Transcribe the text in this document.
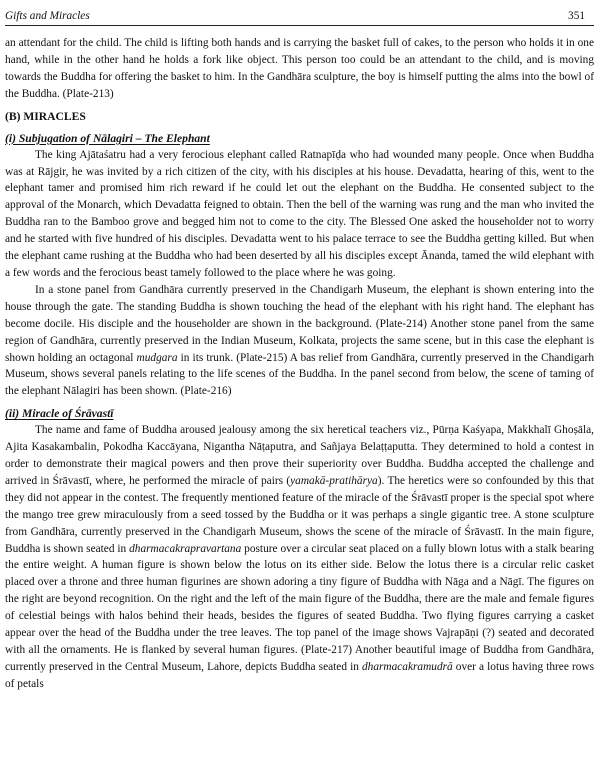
Gifts and Miracles	351

an attendant for the child. The child is lifting both hands and is carrying the basket full of cakes, to the person who holds it in one hand, while in the other hand he holds a fork like object. This person too could be an attendant to the child, and is moving towards the Buddha for offering the basket to him. In the Gandhāra sculpture, the boy is himself putting the alms into the bowl of the Buddha. (Plate-213)

(B) MIRACLES
(i) Subjugation of Nālagiri – The Elephant

The king Ajātaśatru had a very ferocious elephant called Ratnapīḍa who had wounded many people. Once when Buddha was at Rājgir, he was invited by a rich citizen of the city, with his disciples at his house. Devadatta, hearing of this, went to the elephant tamer and promised him rich reward if he could let out the elephant on the Buddha. He consented subject to the approval of the Monarch, which Devadatta feigned to obtain. Then the bell of the warning was rung and the man who invited the Buddha ran to the Bamboo grove and begged him not to come to the city. The Blessed One asked the householder not to worry and he started with five hundred of his disciples. Devadatta went to his palace terrace to see the Buddha getting killed. But when the elephant came rushing at the Buddha who had been deserted by all his disciples except Ānanda, tamed the wild elephant with a few words and the ferocious beast tamely followed to the place where he was going.

In a stone panel from Gandhāra currently preserved in the Chandigarh Museum, the elephant is shown entering into the house through the gate. The standing Buddha is shown touching the head of the elephant with his right hand. The elephant has become docile. His disciple and the householder are shown in the background. (Plate-214) Another stone panel from the same region of Gandhāra, currently preserved in the Indian Museum, Kolkata, projects the same scene, but in this case the elephant is shown holding an octagonal mudgara in its trunk. (Plate-215) A bas relief from Gandhāra, currently preserved in the Chandigarh Museum, shows several panels relating to the life scenes of the Buddha. In the panel second from below, the scene of taming of the elephant Nālagiri has been shown. (Plate-216)

(ii) Miracle of Śrāvastī

The name and fame of Buddha aroused jealousy among the six heretical teachers viz., Pūrṇa Kaśyapa, Makkhalī Ghoṣāla, Ajita Kasakambalin, Pokodha Kaccāyana, Nigantha Nāṭaputra, and Sañjaya Belaṭṭaputta. They determined to hold a contest in order to demonstrate their magical powers and then prove their superiority over Buddha. Buddha accepted the challenge and arrived in Śrāvastī, where, he performed the miracle of pairs (yamakā-pratihārya). The heretics were so confounded by this that they did not appear in the contest. The frequently mentioned feature of the miracle of the Śrāvastī proper is the special spot where the mango tree grew miraculously from a seed tossed by the Buddha or it was perhaps a single gigantic tree. A stone sculpture from Gandhāra, currently preserved in the Chandigarh Museum, shows the scene of the miracle of Śrāvastī. In the main figure, Buddha is shown seated in dharmacakrapravartana posture over a circular seat placed on a fully blown lotus with a stalk bearing the entire weight. A human figure is shown below the lotus on its either side. Below the lotus there is a circular relic casket placed over a throne and three human figurines are shown adoring a tiny figure of Buddha with Nāga and a Nāgī. The figures on the right are beyond recognition. On the right and the left of the main figure of the Buddha, there are the male and female figures of celestial beings with halos behind their heads, besides the figures of seated Buddha. Two flying figures carrying a casket appear over the head of the Buddha under the tree leaves. The top panel of the image shows Vajrapāṇi (?) seated and decorated with all the ornaments. He is flanked by several human figures. (Plate-217) Another beautiful image of Buddha from Gandhāra, currently preserved in the Central Museum, Lahore, depicts Buddha seated in dharmacakramudrā over a lotus having three rows of petals
